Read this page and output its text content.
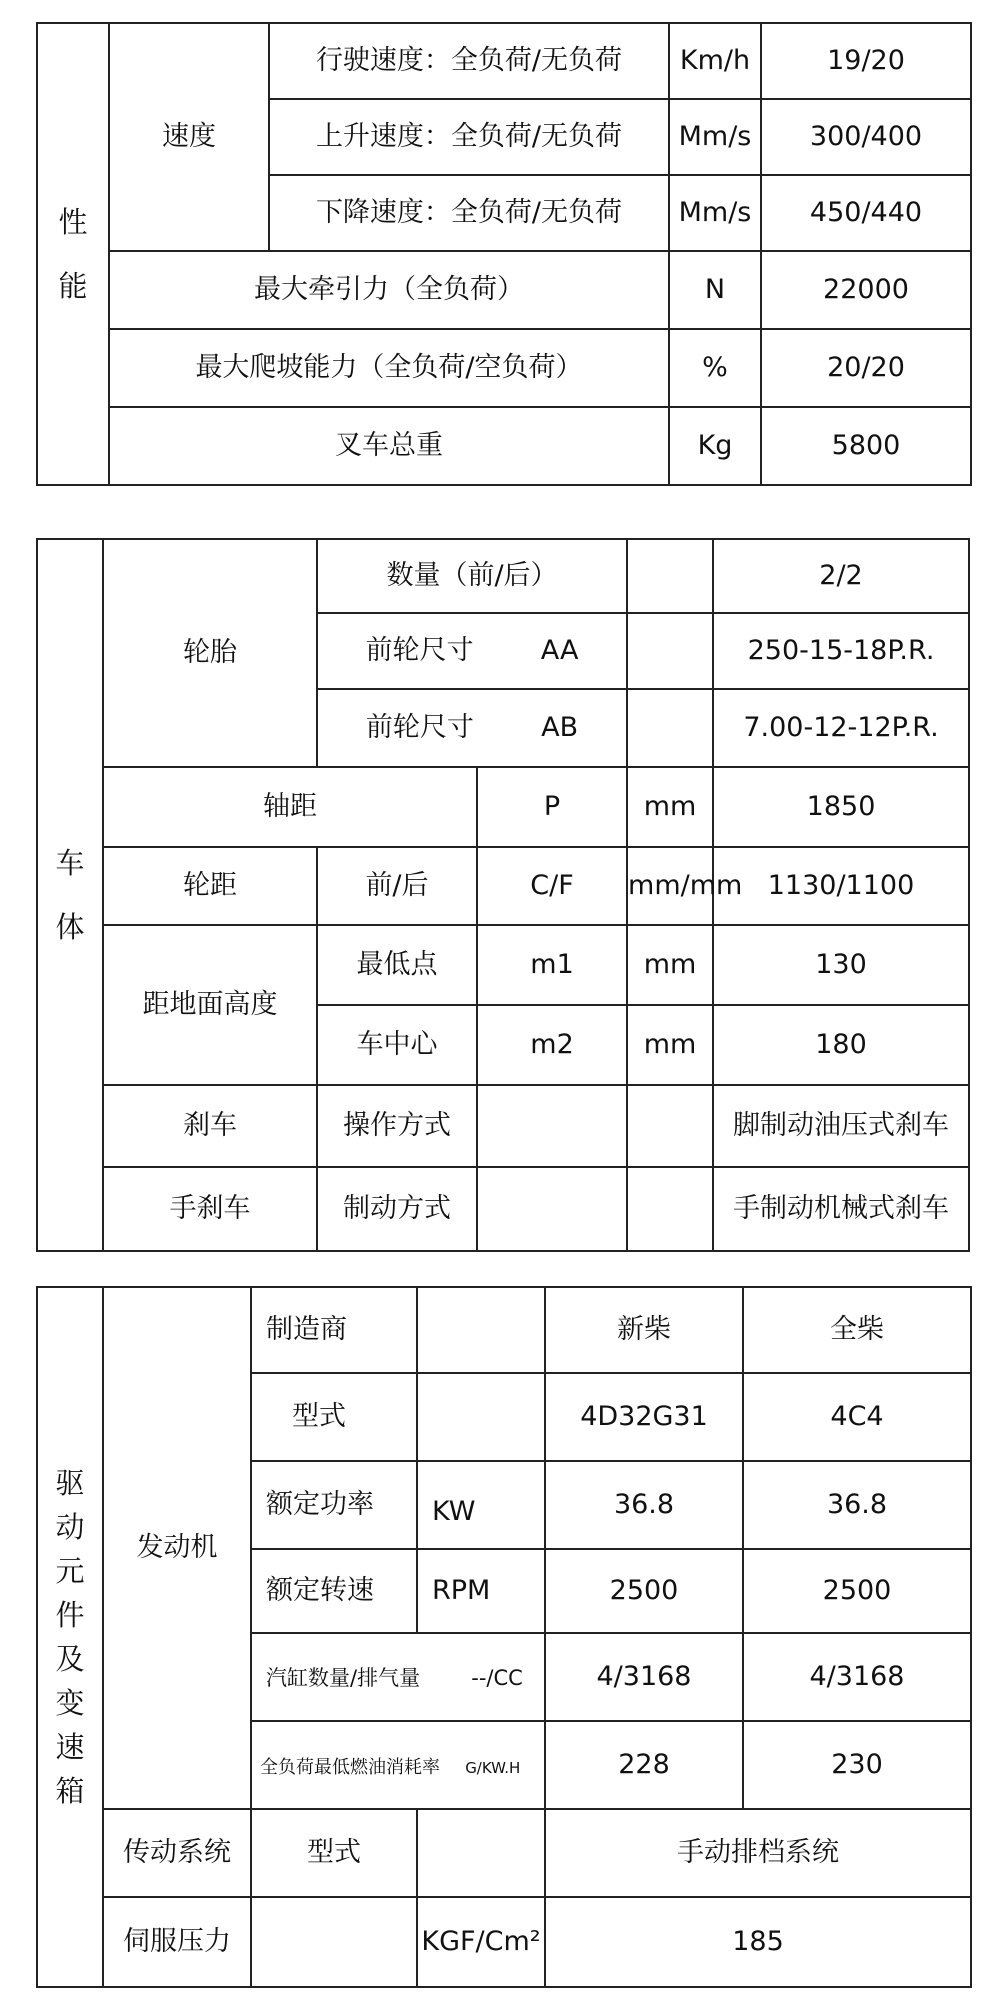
性能	速度	行驶速度：全负荷/无负荷	Km/h	19/20
		上升速度：全负荷/无负荷	Mm/s	300/400
		下降速度：全负荷/无负荷	Mm/s	450/440
	最大牵引力（全负荷）		N	22000
	最大爬坡能力（全负荷/空负荷）		%	20/20
	叉车总重		Kg	5800
车体	轮胎	数量（前/后）			2/2
		前轮尺寸 AA			250-15-18P.R.
		前轮尺寸 AB			7.00-12-12P.R.
	轴距		P	mm	1850
	轮距	前/后	C/F	mm/mm	1130/1100
	距地面高度	最低点	m1	mm	130
		车中心	m2	mm	180
	刹车	操作方式			脚制动油压式刹车
	手刹车	制动方式			手制动机械式刹车
驱动元件及变速箱	发动机	制造商		新柴	全柴
		型式		4D32G31	4C4
		额定功率	KW	36.8	36.8
		额定转速	RPM	2500	2500
		汽缸数量/排气量 --/CC		4/3168	4/3168
		全负荷最低燃油消耗率 G/KW.H		228	230
	传动系统	型式		手动排档系统	
	伺服压力		KGF/Cm²	185	
